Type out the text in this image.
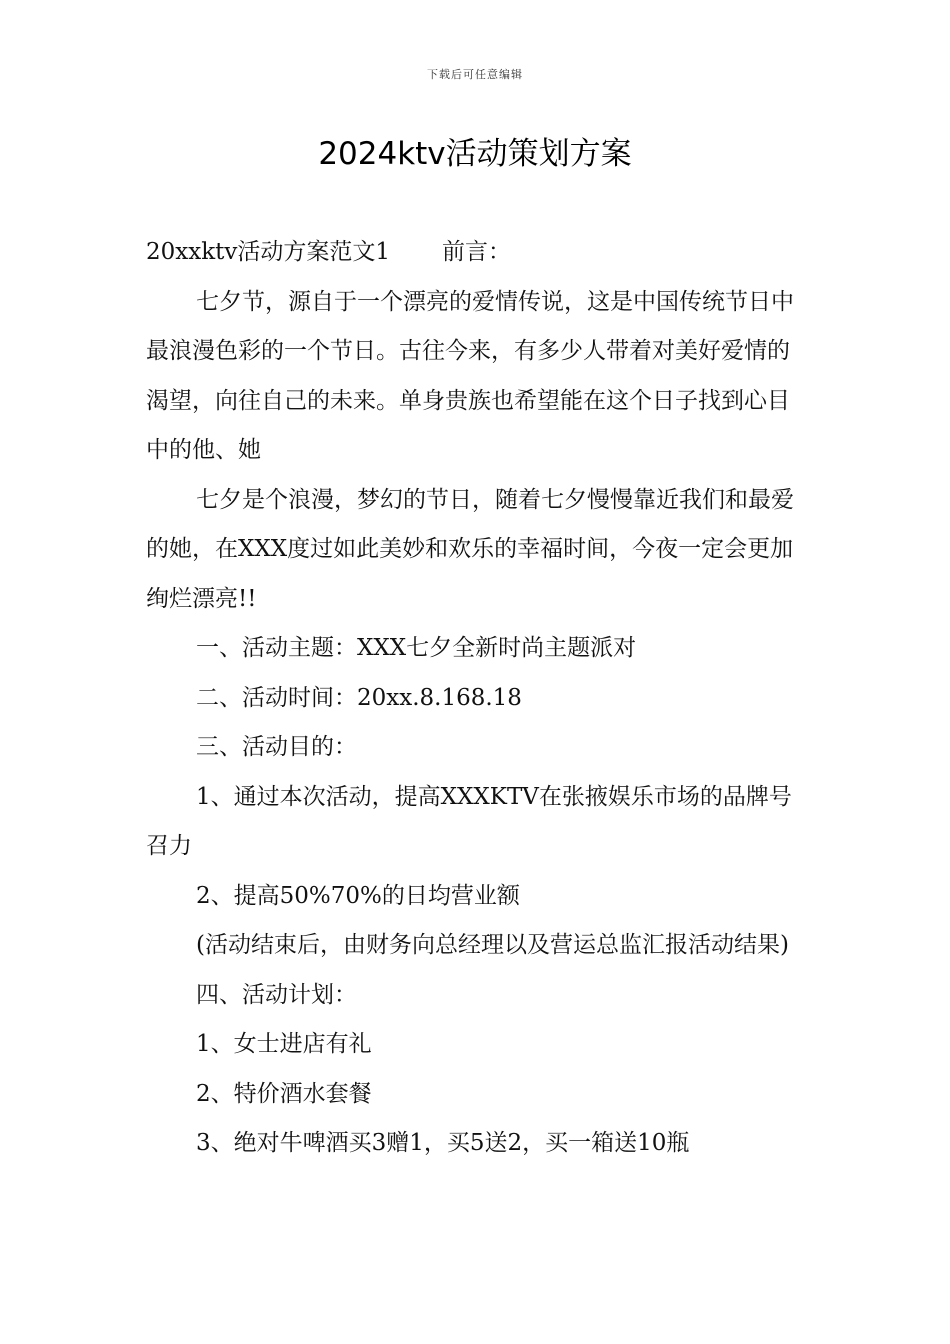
下载后可任意编辑
2024ktv活动策划方案

20xxktv活动方案范文1 前言：

七夕节，源自于一个漂亮的爱情传说，这是中国传统节日中最浪漫色彩的一个节日。古往今来，有多少人带着对美好爱情的渴望，向往自己的未来。单身贵族也希望能在这个日子找到心目中的他、她

七夕是个浪漫，梦幻的节日，随着七夕慢慢靠近我们和最爱的她，在XXX度过如此美妙和欢乐的幸福时间，今夜一定会更加绚烂漂亮!!

一、活动主题：XXX七夕全新时尚主题派对

二、活动时间：20xx.8.168.18

三、活动目的：

1、通过本次活动，提高XXXKTV在张掖娱乐市场的品牌号召力

2、提高50%70%的日均营业额

(活动结束后，由财务向总经理以及营运总监汇报活动结果)

四、活动计划：

1、女士进店有礼

2、特价酒水套餐

3、绝对牛啤酒买3赠1，买5送2，买一箱送10瓶
